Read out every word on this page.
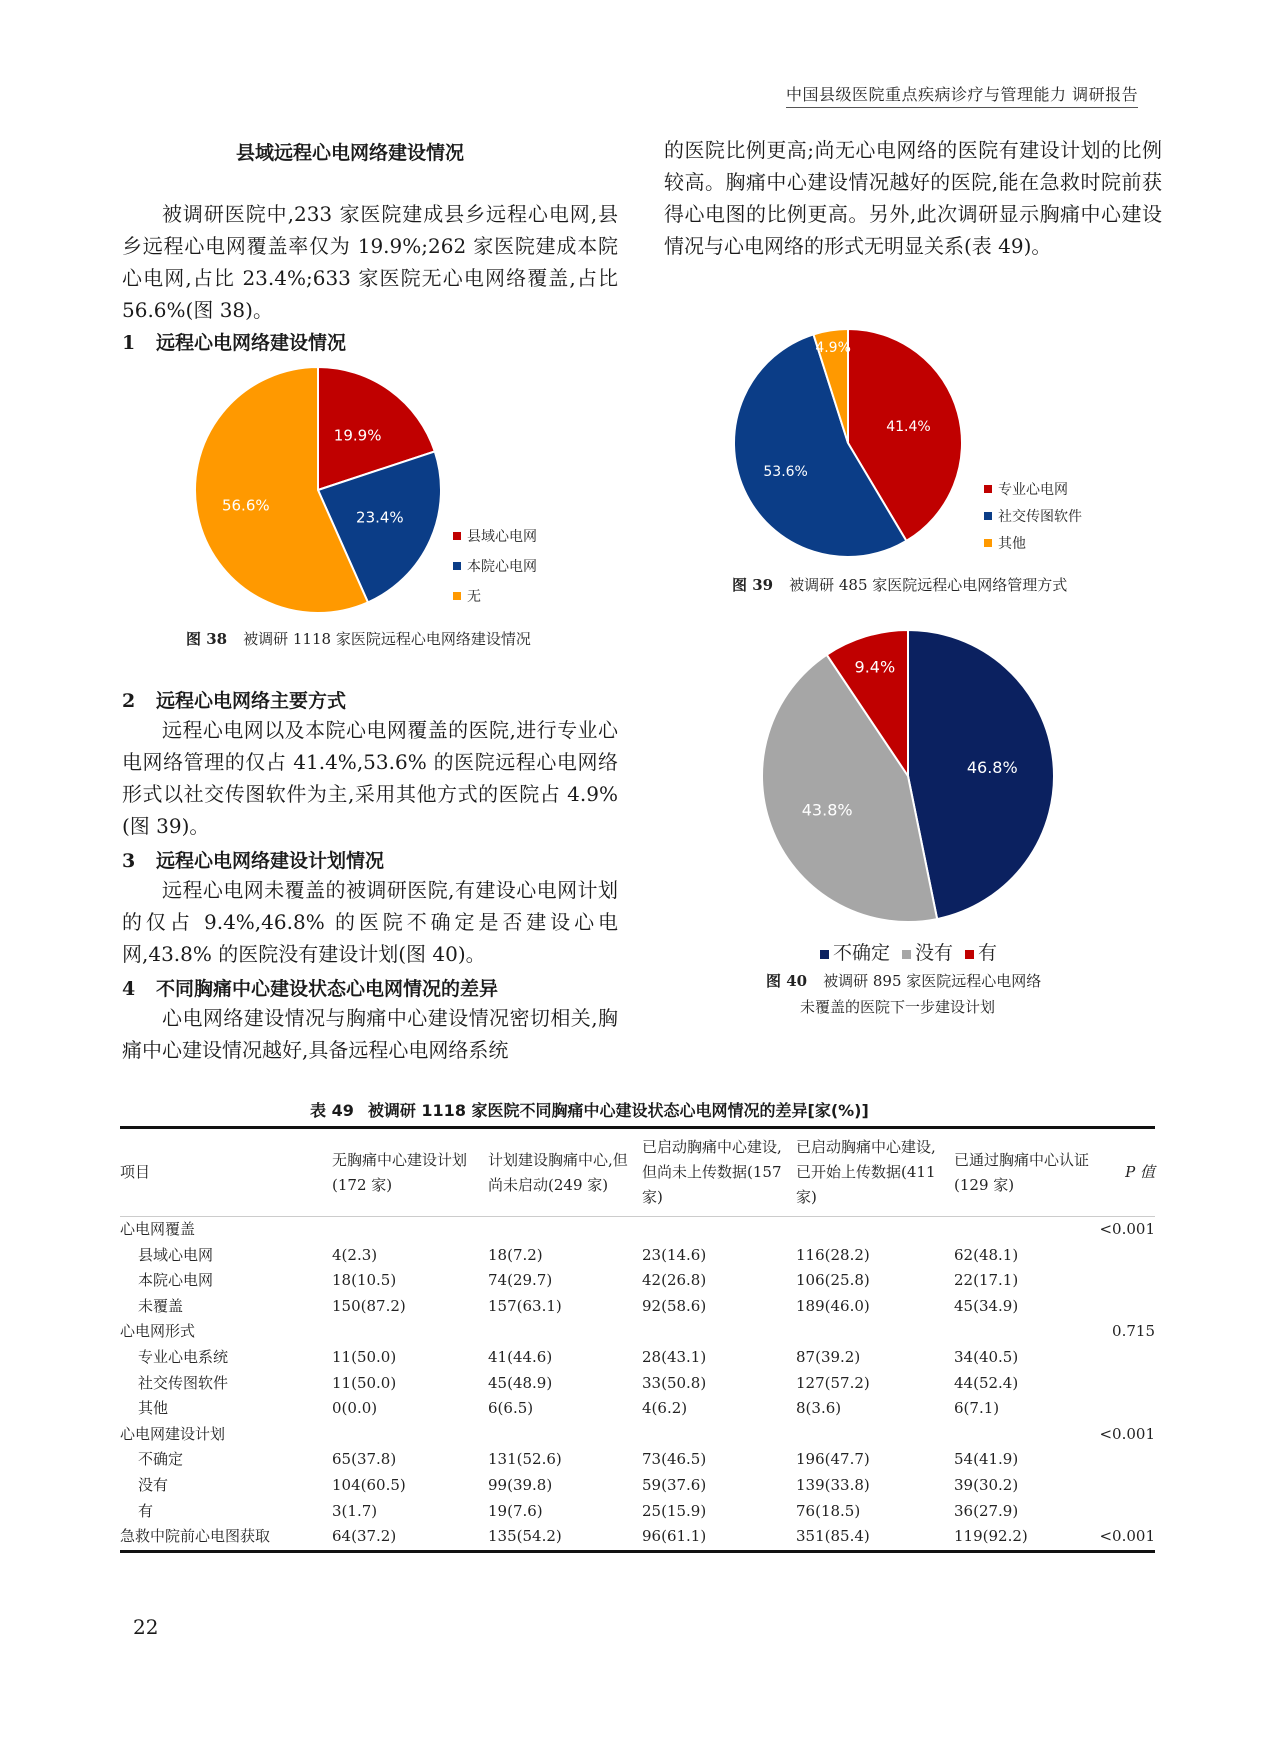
中国县级医院重点疾病诊疗与管理能力 调研报告
县域远程心电网络建设情况
被调研医院中,233 家医院建成县乡远程心电网,县乡远程心电网覆盖率仅为 19.9%;262 家医院建成本院心电网,占比 23.4%;633 家医院无心电网络覆盖,占比 56.6%(图 38)。
1 远程心电网络建设情况
19.9%
23.4%
56.6%
县域心电网
本院心电网
无
图 38 被调研 1118 家医院远程心电网络建设情况
2 远程心电网络主要方式
远程心电网以及本院心电网覆盖的医院,进行专业心电网络管理的仅占 41.4%,53.6% 的医院远程心电网络形式以社交传图软件为主,采用其他方式的医院占 4.9%(图 39)。
3 远程心电网络建设计划情况
远程心电网未覆盖的被调研医院,有建设心电网计划的仅占 9.4%,46.8% 的医院不确定是否建设心电网,43.8% 的医院没有建设计划(图 40)。
4 不同胸痛中心建设状态心电网情况的差异
心电网络建设情况与胸痛中心建设情况密切相关,胸痛中心建设情况越好,具备远程心电网络系统
的医院比例更高;尚无心电网络的医院有建设计划的比例较高。胸痛中心建设情况越好的医院,能在急救时院前获得心电图的比例更高。另外,此次调研显示胸痛中心建设情况与心电网络的形式无明显关系(表 49)。
41.4%
53.6%
4.9%
专业心电网
社交传图软件
其他
图 39 被调研 485 家医院远程心电网络管理方式
46.8%
43.8%
9.4%
不确定	没有	有
图 40 被调研 895 家医院远程心电网络
未覆盖的医院下一步建设计划
表 49 被调研 1118 家医院不同胸痛中心建设状态心电网情况的差异[家(%)]
项目	无胸痛中心建设计划(172 家)	计划建设胸痛中心,但尚未启动(249 家)	已启动胸痛中心建设,但尚未上传数据(157 家)	已启动胸痛中心建设,已开始上传数据(411 家)	已通过胸痛中心认证(129 家)	P 值
心电网覆盖						<0.001
县域心电网	4(2.3)	18(7.2)	23(14.6)	116(28.2)	62(48.1)	
本院心电网	18(10.5)	74(29.7)	42(26.8)	106(25.8)	22(17.1)	
未覆盖	150(87.2)	157(63.1)	92(58.6)	189(46.0)	45(34.9)	
心电网形式						0.715
专业心电系统	11(50.0)	41(44.6)	28(43.1)	87(39.2)	34(40.5)	
社交传图软件	11(50.0)	45(48.9)	33(50.8)	127(57.2)	44(52.4)	
其他	0(0.0)	6(6.5)	4(6.2)	8(3.6)	6(7.1)	
心电网建设计划						<0.001
不确定	65(37.8)	131(52.6)	73(46.5)	196(47.7)	54(41.9)	
没有	104(60.5)	99(39.8)	59(37.6)	139(33.8)	39(30.2)	
有	3(1.7)	19(7.6)	25(15.9)	76(18.5)	36(27.9)	
急救中院前心电图获取	64(37.2)	135(54.2)	96(61.1)	351(85.4)	119(92.2)	<0.001
22
